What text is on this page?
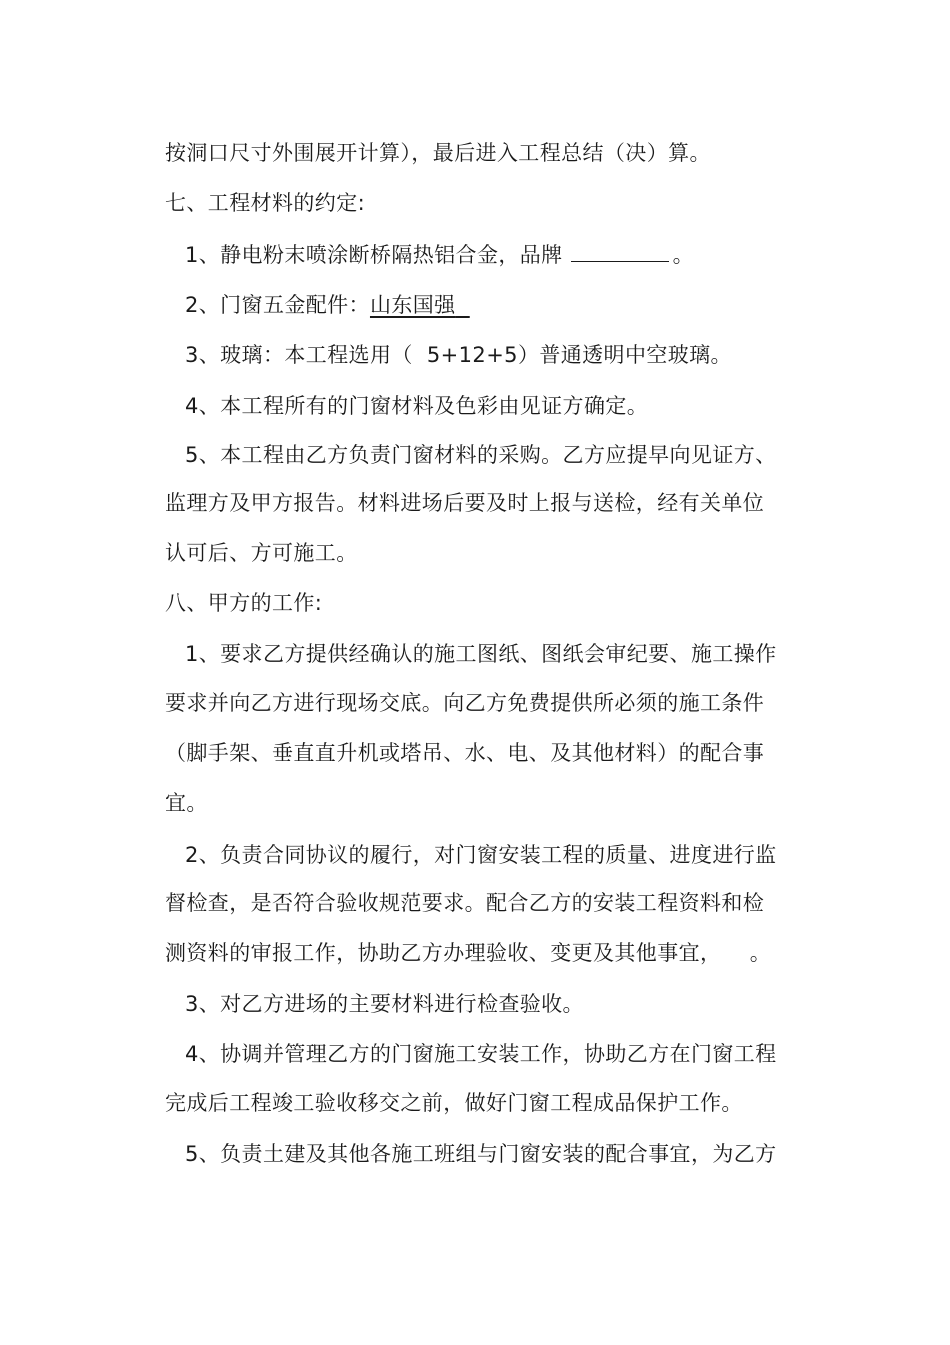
按洞口尺寸外围展开计算），最后进入工程总结（决）算。
七、工程材料的约定:
1、静电粉末喷涂断桥隔热铝合金，品牌	。
2、门窗五金配件：山东国强
3、玻璃：本工程选用（  5+12+5）普通透明中空玻璃。
4、本工程所有的门窗材料及色彩由见证方确定。
5、本工程由乙方负责门窗材料的采购。乙方应提早向见证方、
监理方及甲方报告。材料进场后要及时上报与送检，经有关单位
认可后、方可施工。
八、甲方的工作:
1、要求乙方提供经确认的施工图纸、图纸会审纪要、施工操作
要求并向乙方进行现场交底。向乙方免费提供所必须的施工条件
（脚手架、垂直直升机或塔吊、水、电、及其他材料）的配合事
宜。
2、负责合同协议的履行，对门窗安装工程的质量、进度进行监
督检查，是否符合验收规范要求。配合乙方的安装工程资料和检
测资料的审报工作，协助乙方办理验收、变更及其他事宜，    。
3、对乙方进场的主要材料进行检查验收。
4、协调并管理乙方的门窗施工安装工作，协助乙方在门窗工程
完成后工程竣工验收移交之前，做好门窗工程成品保护工作。
5、负责土建及其他各施工班组与门窗安装的配合事宜，为乙方
